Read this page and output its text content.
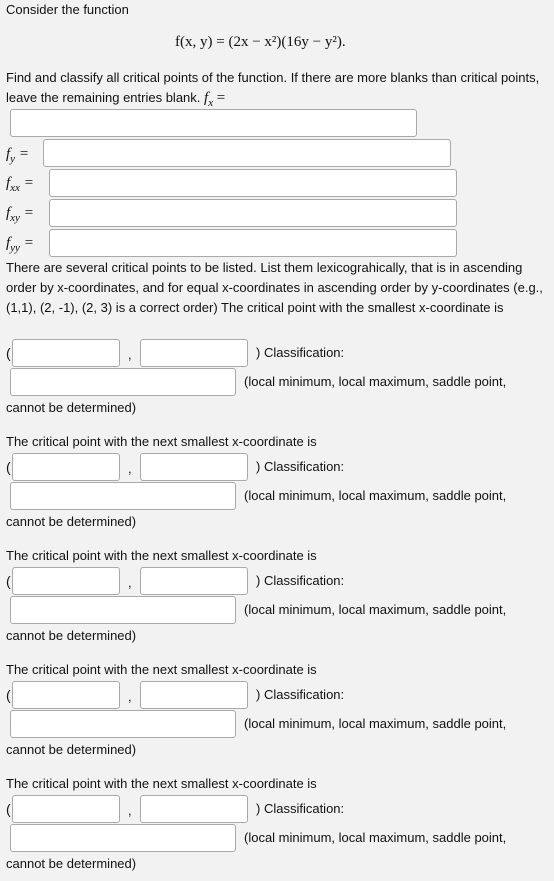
Consider the function
f(x, y) = (2x − x²)(16y − y²).
Find and classify all critical points of the function. If there are more blanks than critical points, leave the remaining entries blank. $f_x$ =
$f_y$ =
$f_{xx}$ =
$f_{xy}$ =
$f_{yy}$ =
There are several critical points to be listed. List them lexicograhically, that is in ascending order by x-coordinates, and for equal x-coordinates in ascending order by y-coordinates (e.g., (1,1), (2, -1), (2, 3) is a correct order) The critical point with the smallest x-coordinate is
(	,	) Classification:
(local minimum, local maximum, saddle point,
cannot be determined)
The critical point with the next smallest x-coordinate is
(	,	) Classification:
(local minimum, local maximum, saddle point,
cannot be determined)
The critical point with the next smallest x-coordinate is
(	,	) Classification:
(local minimum, local maximum, saddle point,
cannot be determined)
The critical point with the next smallest x-coordinate is
(	,	) Classification:
(local minimum, local maximum, saddle point,
cannot be determined)
The critical point with the next smallest x-coordinate is
(	,	) Classification:
(local minimum, local maximum, saddle point,
cannot be determined)
